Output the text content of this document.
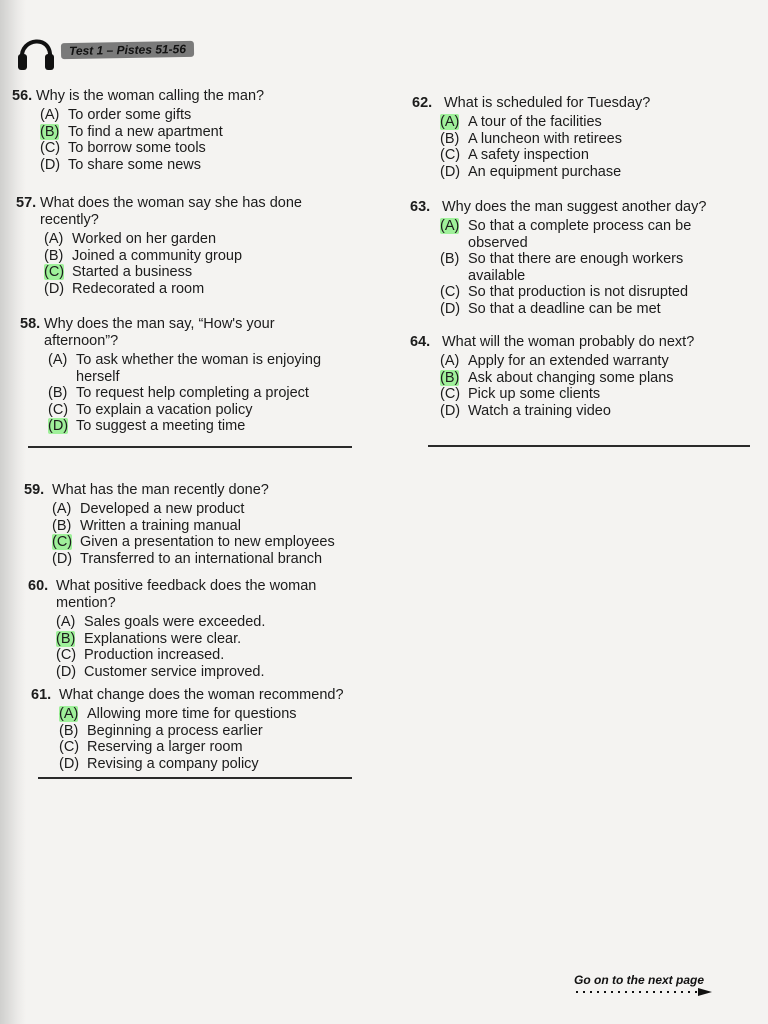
Test 1 – Pistes 51-56
56. Why is the woman calling the man?
(A) To order some gifts
(B) To find a new apartment
(C) To borrow some tools
(D) To share some news
57. What does the woman say she has done recently?
(A) Worked on her garden
(B) Joined a community group
(C) Started a business
(D) Redecorated a room
58. Why does the man say, “How's your afternoon”?
(A) To ask whether the woman is enjoying herself
(B) To request help completing a project
(C) To explain a vacation policy
(D) To suggest a meeting time
59. What has the man recently done?
(A) Developed a new product
(B) Written a training manual
(C) Given a presentation to new employees
(D) Transferred to an international branch
60. What positive feedback does the woman mention?
(A) Sales goals were exceeded.
(B) Explanations were clear.
(C) Production increased.
(D) Customer service improved.
61. What change does the woman recommend?
(A) Allowing more time for questions
(B) Beginning a process earlier
(C) Reserving a larger room
(D) Revising a company policy
62. What is scheduled for Tuesday?
(A) A tour of the facilities
(B) A luncheon with retirees
(C) A safety inspection
(D) An equipment purchase
63. Why does the man suggest another day?
(A) So that a complete process can be observed
(B) So that there are enough workers available
(C) So that production is not disrupted
(D) So that a deadline can be met
64. What will the woman probably do next?
(A) Apply for an extended warranty
(B) Ask about changing some plans
(C) Pick up some clients
(D) Watch a training video
Go on to the next page
